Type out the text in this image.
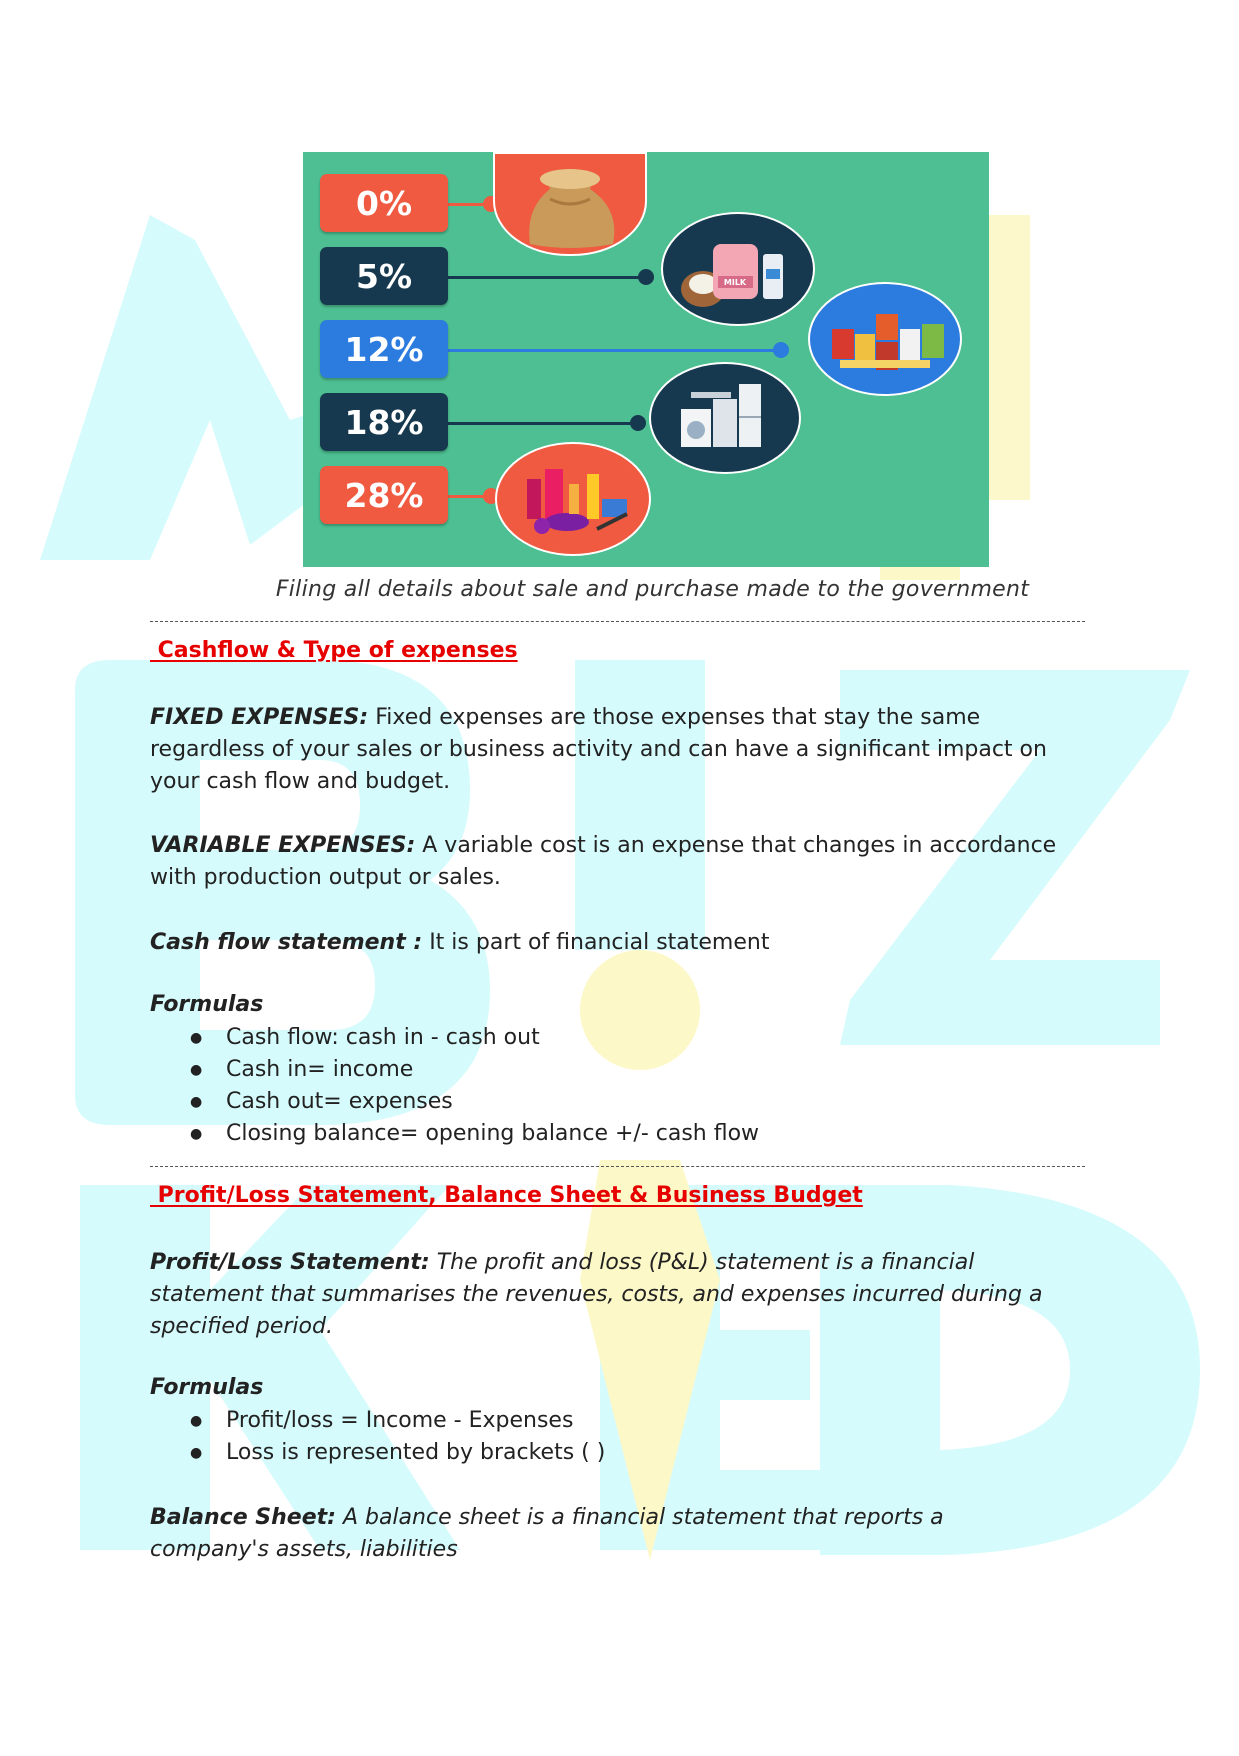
0%
5%
12%
18%
28%
MILK
Filing all details about sale and purchase made to the government
Cashflow & Type of expenses
FIXED EXPENSES: Fixed expenses are those expenses that stay the same regardless of your sales or business activity and can have a significant impact on your cash flow and budget.
VARIABLE EXPENSES: A variable cost is an expense that changes in accordance with production output or sales.
Cash flow statement : It is part of financial statement
Formulas
● Cash flow: cash in - cash out
● Cash in= income
● Cash out= expenses
● Closing balance= opening balance +/- cash flow
Profit/Loss Statement, Balance Sheet & Business Budget
Profit/Loss Statement: The profit and loss (P&L) statement is a financial statement that summarises the revenues, costs, and expenses incurred during a specified period.
Formulas
● Profit/loss = Income - Expenses
● Loss is represented by brackets ( )
Balance Sheet: A balance sheet is a financial statement that reports a company's assets, liabilities
